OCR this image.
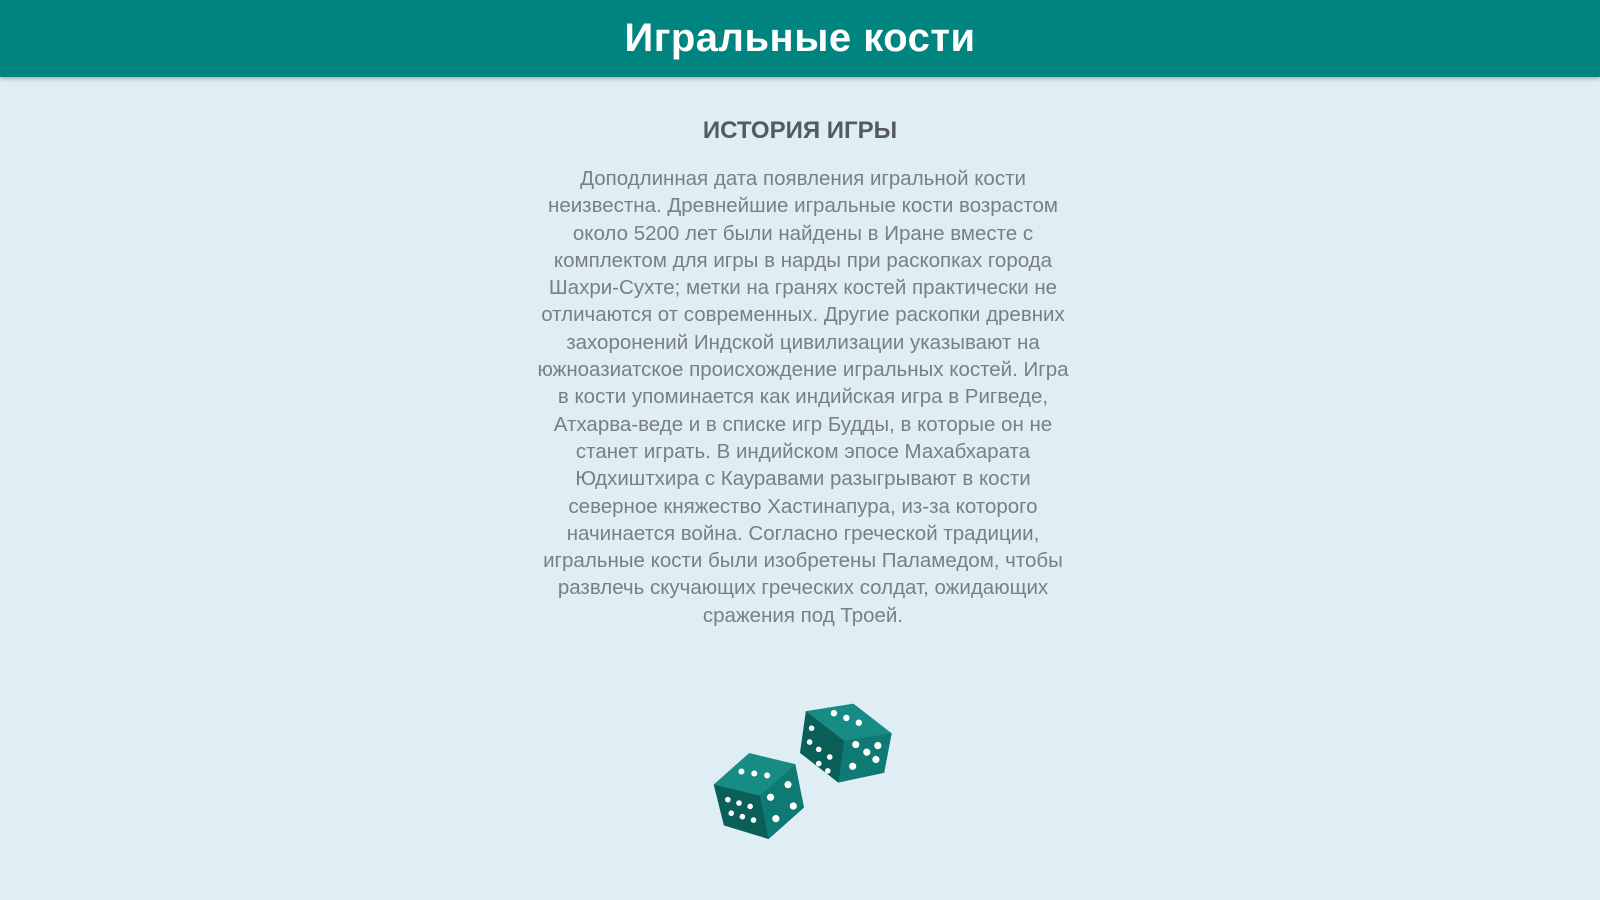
Игральные кости
ИСТОРИЯ ИГРЫ

Доподлинная дата появления игральной кости неизвестна. Древнейшие игральные кости возрастом около 5200 лет были найдены в Иране вместе с комплектом для игры в нарды при раскопках города Шахри-Сухте; метки на гранях костей практически не отличаются от современных. Другие раскопки древних захоронений Индской цивилизации указывают на южноазиатское происхождение игральных костей. Игра в кости упоминается как индийская игра в Ригведе, Атхарва-веде и в списке игр Будды, в которые он не станет играть. В индийском эпосе Махабхарата Юдхиштхира с Кауравами разыгрывают в кости северное княжество Хастинапура, из-за которого начинается война. Согласно греческой традиции, игральные кости были изобретены Паламедом, чтобы развлечь скучающих греческих солдат, ожидающих сражения под Троей.
